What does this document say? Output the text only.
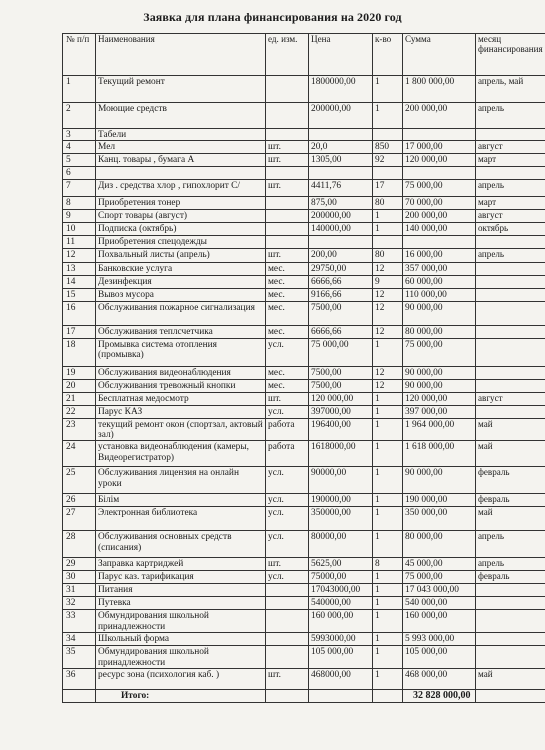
Заявка для плана финансирования на 2020 год
№ п/п	Наименования	ед. изм.	Цена	к-во	Сумма	месяц финансирования
1	Текущий ремонт		1800000,00	1	1 800 000,00	апрель, май
2	Моющие средств		200000,00	1	200 000,00	апрель
3	Табели					
4	Мел	шт.	20,0	850	17 000,00	август
5	Канц. товары , бумага А	шт.	1305,00	92	120 000,00	март
6						
7	Диз . средства хлор , гипохлорит С/	шт.	4411,76	17	75 000,00	апрель
8	Приобретения тонер		875,00	80	70 000,00	март
9	Спорт товары (август)		200000,00	1	200 000,00	август
10	Подписка (октябрь)		140000,00	1	140 000,00	октябрь
11	Приобретения спецодежды					
12	Похвальный листы (апрель)	шт.	200,00	80	16 000,00	апрель
13	Банковские услуга	мес.	29750,00	12	357 000,00	
14	Дезинфекция	мес.	6666,66	9	60 000,00	
15	Вывоз мусора	мес.	9166,66	12	110 000,00	
16	Обслуживания пожарное сигнализация	мес.	7500,00	12	90 000,00	
17	Обслуживания теплсчетчика	мес.	6666,66	12	80 000,00	
18	Промывка система отопления (промывка)	усл.	75 000,00	1	75 000,00	
19	Обслуживания видеонаблюдения	мес.	7500,00	12	90 000,00	
20	Обслуживания тревожный кнопки	мес.	7500,00	12	90 000,00	
21	Бесплатная медосмотр	шт.	120 000,00	1	120 000,00	август
22	Парус КАЗ	усл.	397000,00	1	397 000,00	
23	текущий ремонт окон (спортзал, актовый зал)	работа	196400,00	1	1 964 000,00	май
24	установка видеонаблюдения (камеры, Видеорегистратор)	работа	1618000,00	1	1 618 000,00	май
25	Обслуживания лицензия на онлайн уроки	усл.	90000,00	1	90 000,00	февраль
26	Білім	усл.	190000,00	1	190 000,00	февраль
27	Электронная библиотека	усл.	350000,00	1	350 000,00	май
28	Обслуживания основных средств (списания)	усл.	80000,00	1	80 000,00	апрель
29	Заправка картриджей	шт.	5625,00	8	45 000,00	апрель
30	Парус каз. тарификация	усл.	75000,00	1	75 000,00	февраль
31	Питания		17043000,00	1	17 043 000,00	
32	Путевка		540000,00	1	540 000,00	
33	Обмундирования школьной принадлежности		160 000,00	1	160 000,00	
34	Школьный форма		5993000,00	1	5 993 000,00	
35	Обмундирования школьной принадлежности		105 000,00	1	105 000,00	
36	ресурс зона (психология каб. )	шт.	468000,00	1	468 000,00	май
	Итого:				32 828 000,00	
